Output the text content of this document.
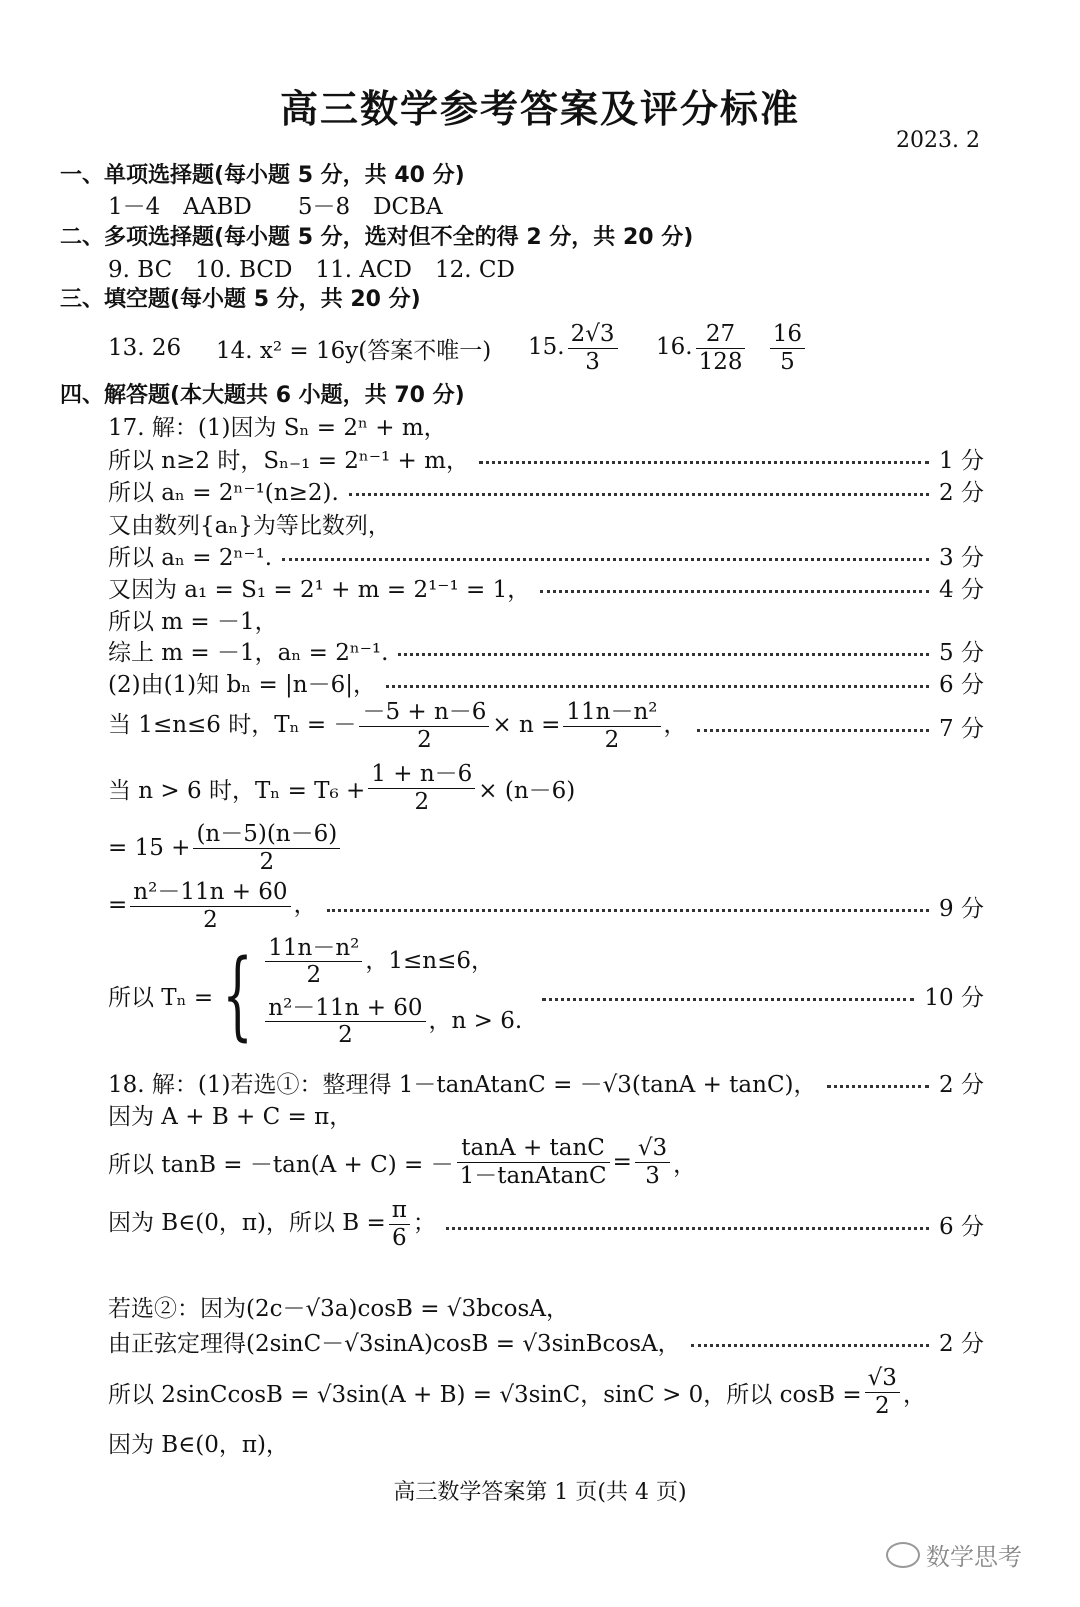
高三数学参考答案及评分标准
2023. 2
一、单项选择题(每小题 5 分，共 40 分)
1－4　AABD　　5－8　DCBA
二、多项选择题(每小题 5 分，选对但不全的得 2 分，共 20 分)
9. BC　10. BCD　11. ACD　12. CD
三、填空题(每小题 5 分，共 20 分)
13. 26	14. x² = 16y(答案不唯一)	15. $\frac{2√3}{3} 16$. $\frac{27}{128}$
$\frac{16}{5}$
四、解答题(本大题共 6 小题，共 70 分)
17. 解：(1)因为 Sₙ = 2ⁿ + m，
所以 n≥2 时，Sₙ₋₁ = 2ⁿ⁻¹ + m，	1 分
所以 aₙ = 2ⁿ⁻¹(n≥2).	2 分
又由数列{aₙ}为等比数列，
所以 aₙ = 2ⁿ⁻¹.	3 分
又因为 a₁ = S₁ = 2¹ + m = 2¹⁻¹ = 1，	4 分
所以 m = －1，
综上 m = －1，aₙ = 2ⁿ⁻¹.	5 分
(2)由(1)知 bₙ = |n－6|，	6 分
当 1≤n≤6 时，Tₙ = － $\frac{-5 + n-6}{2} \times n = \frac{\text{11n－n²}}{2}$ ，	7 分
当 n > 6 时，$T_n = T_6 + \frac{1 + n-6}{2} \times (n-6)$
= $15 + \frac{(n-5)(n-6)}{2}$
= $\frac{\text{n²－11n + 60}}{2}$ ，	9 分
所以 Tₙ = { $\frac{\text{11n－n²}}{2}$ ，1≤n≤6，
$\frac{\text{n²－11n + 60}}{2}$ ，n > 6.
10 分
18. 解：(1)若选①：整理得 1－tanAtanC = －√3(tanA + tanC)，	2 分
因为 A + B + C = π，
所以 tanB = －tan(A + C) = － $\frac{\tan A + \tan C}{\text{1－tanAtanC}} = \frac{√3}{3}$ ，
因为 B∈(0，π)，所以 $B = \frac{\pi}{6}$ ；	6 分
若选②：因为(2c－√3a)cosB = √3bcosA，
由正弦定理得(2sinC－√3sinA)cosB = √3sinBcosA，	2 分
所以 2sinCcosB = √3sin(A + B) = √3sinC，sinC > 0，所以 $\cos B = \frac{√3}{2}$ ，
因为 B∈(0，π)，
高三数学答案第 1 页(共 4 页)
数学思考
